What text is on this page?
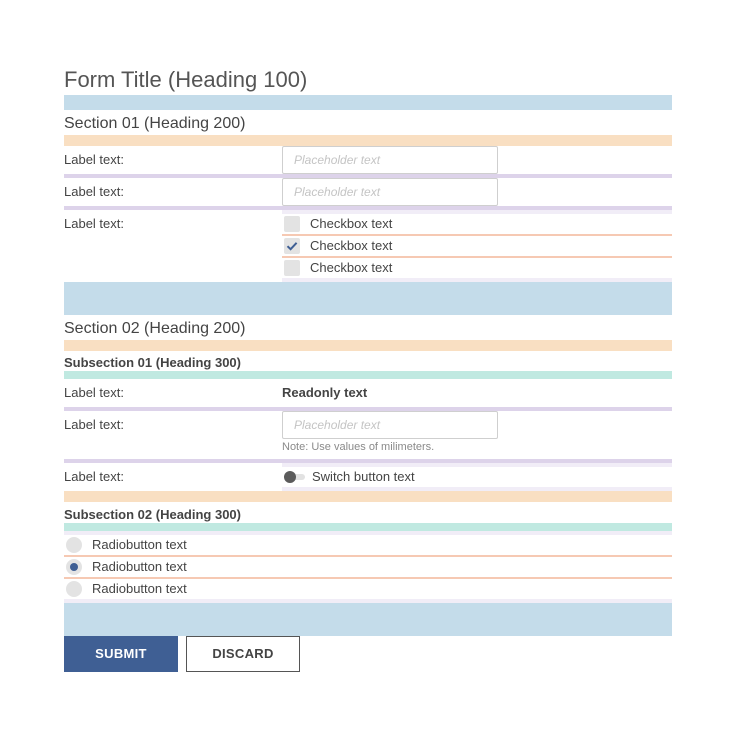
Form Title (Heading 100)
Section 01 (Heading 200)
Label text:	Placeholder text
Label text:	Placeholder text
Label text:	Checkbox text
Checkbox text
Checkbox text
Section 02 (Heading 200)
Subsection 01 (Heading 300)
Label text:	Readonly text
Label text:	Placeholder text
Note: Use values of milimeters.
Label text:	Switch button text
Subsection 02 (Heading 300)
Radiobutton text
Radiobutton text
Radiobutton text
SUBMIT	DISCARD
